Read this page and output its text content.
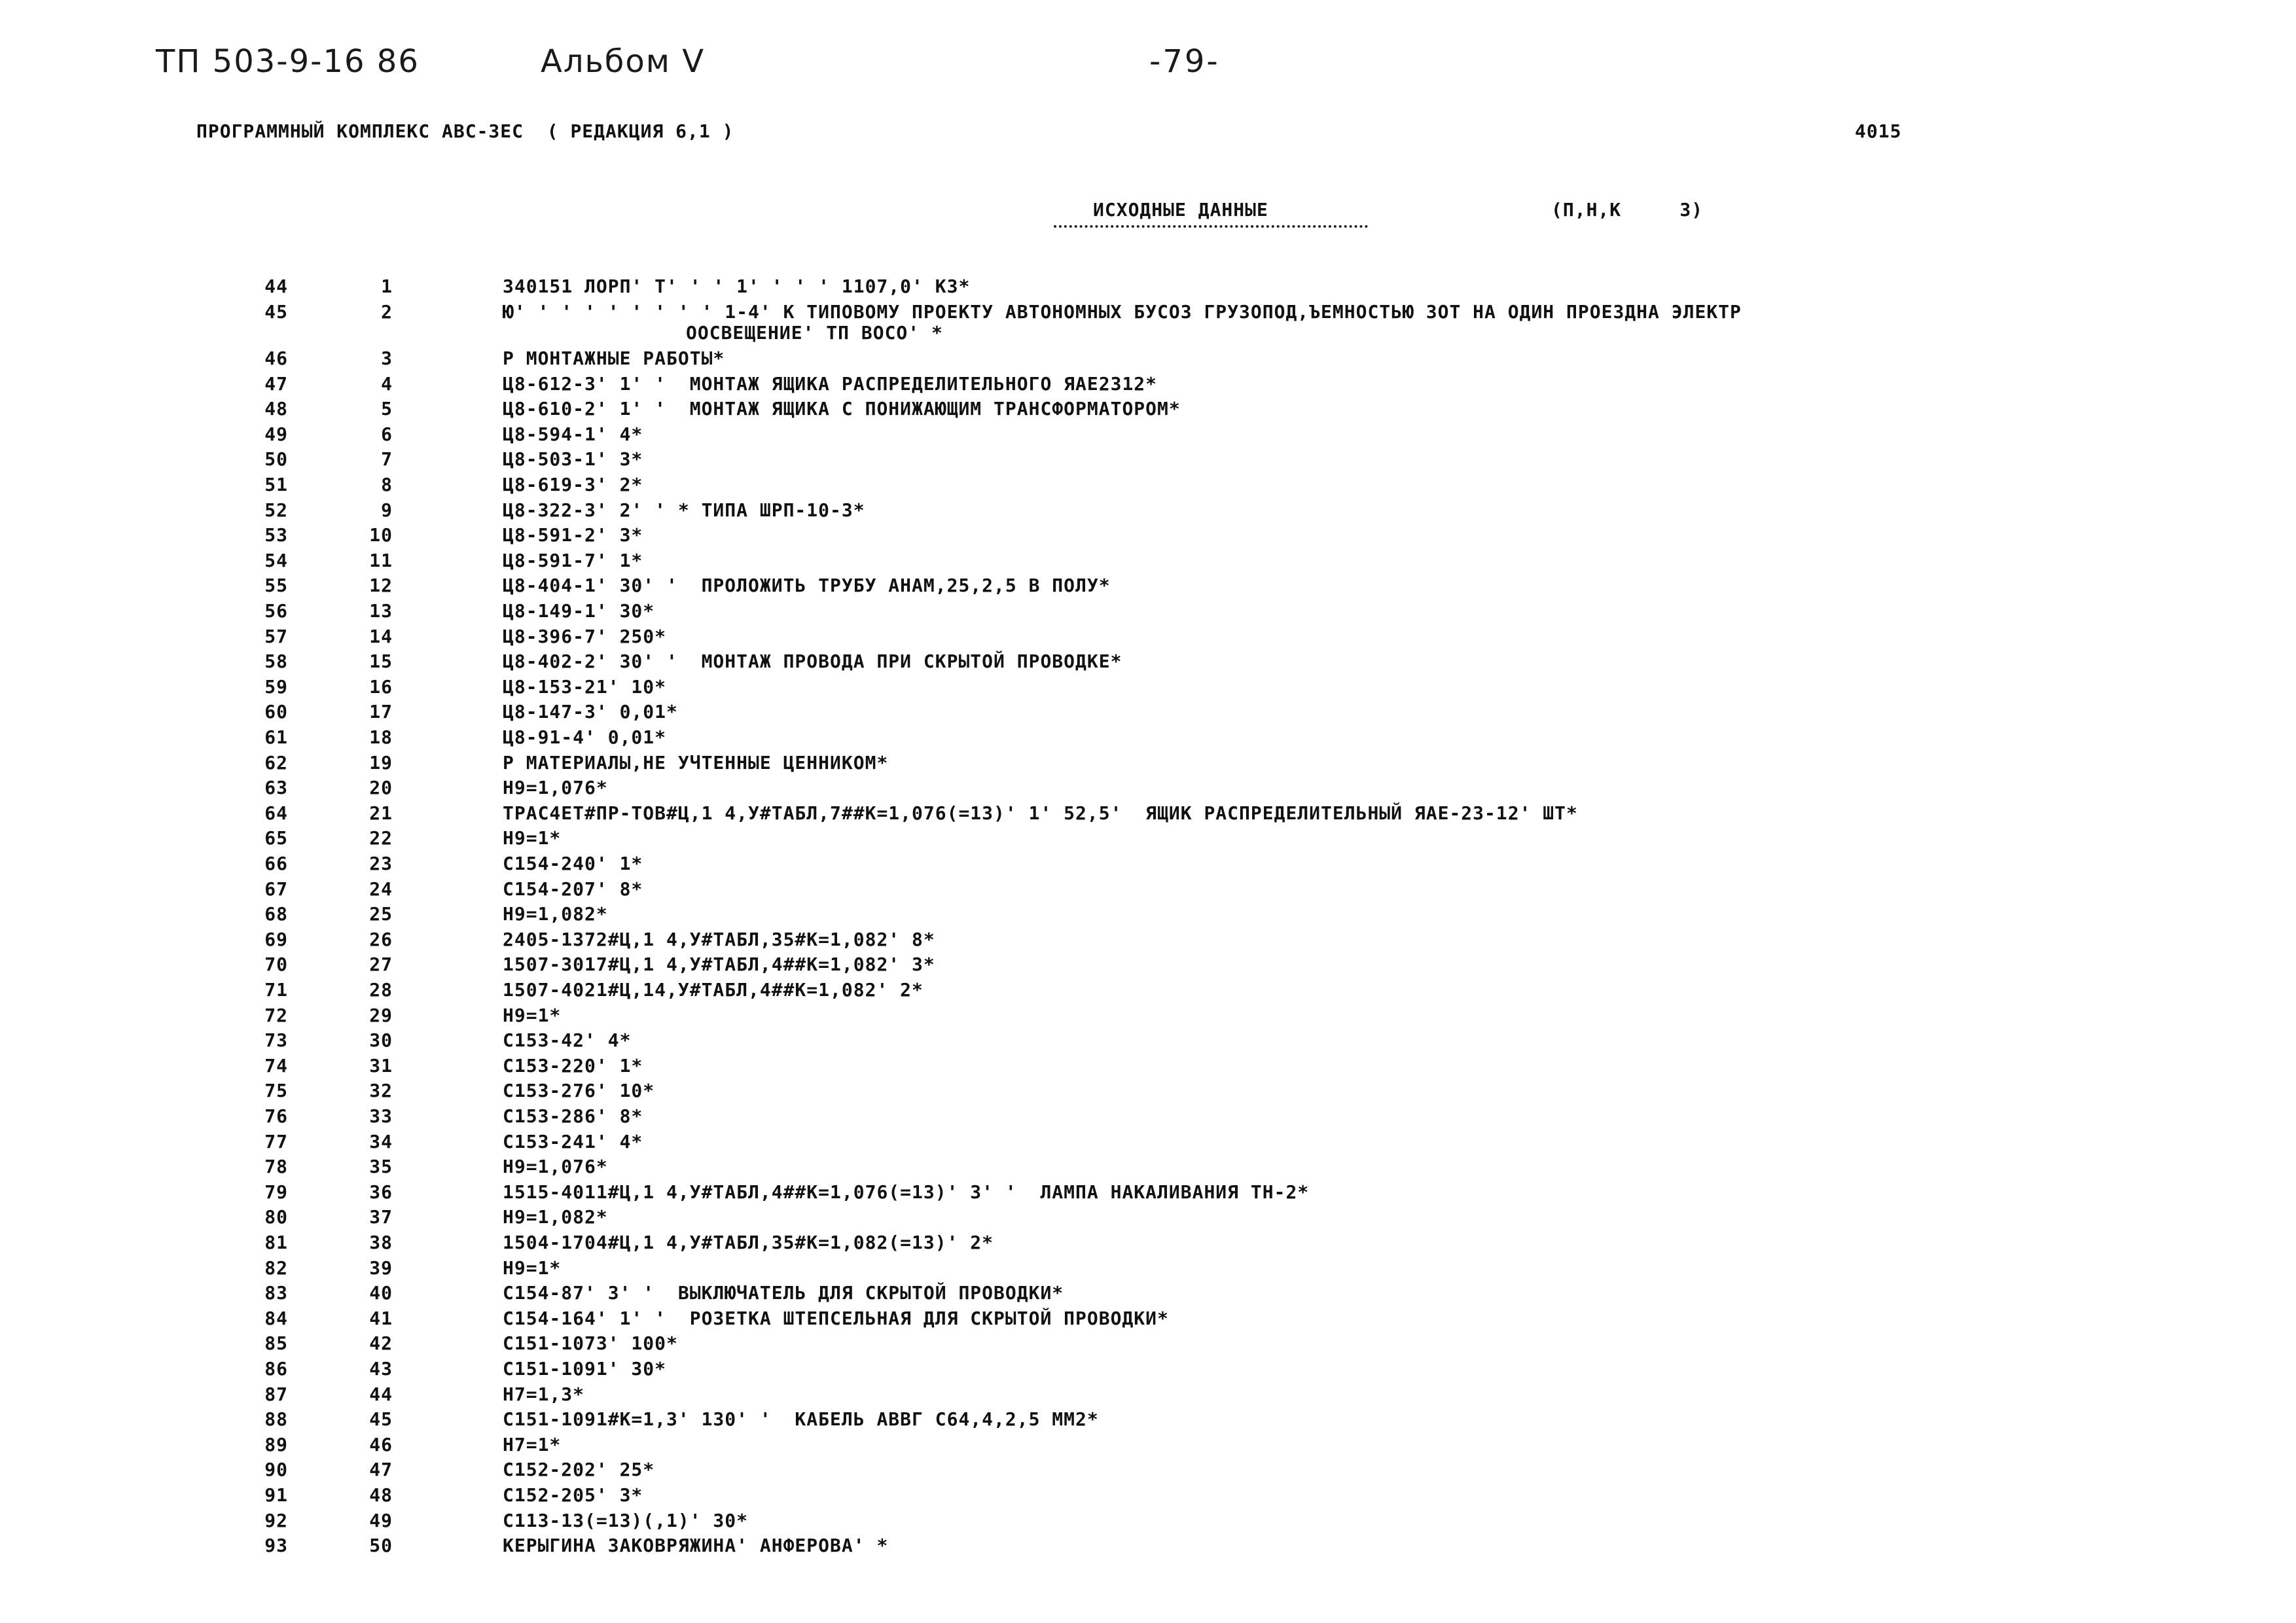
ТП 503-9-16 86	Альбом V	-79-
ПРОГРАММНЫЙ КОМПЛЕКС АВС-ЗЕС  ( РЕДАКЦИЯ 6,1 )	4015
ИСХОДНЫЕ ДАННЫЕ	(П,Н,К     3)
44	1	340151 ЛОРП' Т' ' ' 1' ' ' ' 1107,0' КЗ*
45	2	Ю' ' ' ' ' ' ' ' ' 1-4' К ТИПОВОМУ ПРОЕКТУ АВТОНОМНЫХ БУСОЗ ГРУЗОПОД,ЪЕМНОСТЬЮ ЗОТ НА ОДИН ПРОЕЗДНА ЭЛЕКТР
ООСВЕЩЕНИЕ' ТП ВОСО' *
46	3	Р МОНТАЖНЫЕ РАБОТЫ*
47	4	Ц8-612-3' 1' '  МОНТАЖ ЯЩИКА РАСПРЕДЕЛИТЕЛЬНОГО ЯАЕ2312*
48	5	Ц8-610-2' 1' '  МОНТАЖ ЯЩИКА С ПОНИЖАЮЩИМ ТРАНСФОРМАТОРОМ*
49	6	Ц8-594-1' 4*
50	7	Ц8-503-1' 3*
51	8	Ц8-619-3' 2*
52	9	Ц8-322-3' 2' ' * ТИПА ШРП-10-3*
53	10	Ц8-591-2' 3*
54	11	Ц8-591-7' 1*
55	12	Ц8-404-1' 30' '  ПРОЛОЖИТЬ ТРУБУ АНАМ,25,2,5 В ПОЛУ*
56	13	Ц8-149-1' 30*
57	14	Ц8-396-7' 250*
58	15	Ц8-402-2' 30' '  МОНТАЖ ПРОВОДА ПРИ СКРЫТОЙ ПРОВОДКЕ*
59	16	Ц8-153-21' 10*
60	17	Ц8-147-3' 0,01*
61	18	Ц8-91-4' 0,01*
62	19	Р МАТЕРИАЛЫ,НЕ УЧТЕННЫЕ ЦЕННИКОМ*
63	20	Н9=1,076*
64	21	ТРАС4ЕТ#ПР-ТОВ#Ц,1 4,У#ТАБЛ,7##К=1,076(=13)' 1' 52,5'  ЯЩИК РАСПРЕДЕЛИТЕЛЬНЫЙ ЯАЕ-23-12' ШТ*
65	22	Н9=1*
66	23	С154-240' 1*
67	24	С154-207' 8*
68	25	Н9=1,082*
69	26	2405-1372#Ц,1 4,У#ТАБЛ,35#К=1,082' 8*
70	27	1507-3017#Ц,1 4,У#ТАБЛ,4##К=1,082' 3*
71	28	1507-4021#Ц,14,У#ТАБЛ,4##К=1,082' 2*
72	29	Н9=1*
73	30	С153-42' 4*
74	31	С153-220' 1*
75	32	С153-276' 10*
76	33	С153-286' 8*
77	34	С153-241' 4*
78	35	Н9=1,076*
79	36	1515-4011#Ц,1 4,У#ТАБЛ,4##К=1,076(=13)' 3' '  ЛАМПА НАКАЛИВАНИЯ ТН-2*
80	37	Н9=1,082*
81	38	1504-1704#Ц,1 4,У#ТАБЛ,35#К=1,082(=13)' 2*
82	39	Н9=1*
83	40	С154-87' 3' '  ВЫКЛЮЧАТЕЛЬ ДЛЯ СКРЫТОЙ ПРОВОДКИ*
84	41	С154-164' 1' '  РОЗЕТКА ШТЕПСЕЛЬНАЯ ДЛЯ СКРЫТОЙ ПРОВОДКИ*
85	42	С151-1073' 100*
86	43	С151-1091' 30*
87	44	Н7=1,3*
88	45	С151-1091#К=1,3' 130' '  КАБЕЛЬ АВВГ С64,4,2,5 ММ2*
89	46	Н7=1*
90	47	С152-202' 25*
91	48	С152-205' 3*
92	49	С113-13(=13)(,1)' 30*
93	50	КЕРЫГИНА ЗАКОВРЯЖИНА' АНФЕРОВА' *
